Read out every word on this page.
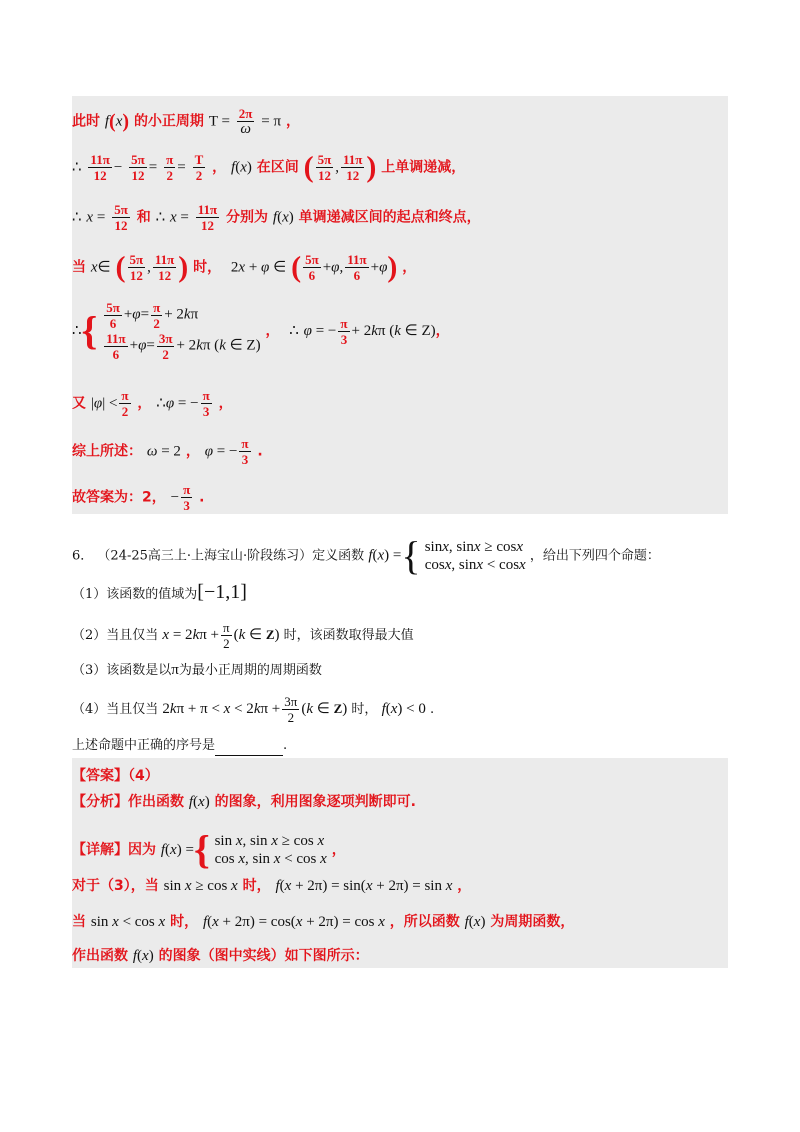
此时 f(x) 的小正周期 $T = \frac{2\pi}{\omega} = \pi$ ，
∴ $\frac{11\pi}{12} - \frac{5\pi}{12} = \frac{\pi}{2} = \frac{T}{2}$ ， f(x) 在区间 ( $\frac{5\pi}{12}$ , $\frac{11\pi}{12}$ ) 上单调递减，
∴ $x = \frac{5\pi}{12}$ 和 ∴ $x = \frac{11\pi}{12}$ 分别为 f(x) 单调递减区间的起点和终点，
当 x∈ ( $\frac{5\pi}{12}$ , $\frac{11\pi}{12}$ ) 时， 2x + φ ∈ ( $\frac{5\pi}{6} +\varphi$, $\frac{11\pi}{6} +\varphi$) ，
∴{ $\frac{5\pi}{6} +\varphi= \frac{\pi}{2} + 2k\pi$
$\frac{11\pi}{6} +\varphi= \frac{3\pi}{2} + 2k\pi$ (k ∈ Z)
， ∴ φ = − $\frac{\pi}{3} + 2k\pi$ (k ∈ Z)，
又 $|\varphi| < \frac{\pi}{2}$ ， ∴φ = − $\frac{\pi}{3}$ ，
综上所述： ω = 2 ， φ = − $\frac{\pi}{3}$ .
故答案为：2， − $\frac{\pi}{3}$ .
6． （24-25高三上·上海宝山·阶段练习）定义函数 f(x) ={ sinx, sinx ≥ cosx
cosx, sinx < cosx
，给出下列四个命题：
（1）该函数的值域为[−1,1]
（2）当且仅当 $x = 2k\pi + \frac{\pi}{2} (k$ ∈ Z) 时，该函数取得最大值
（3）该函数是以π为最小正周期的周期函数
（4）当且仅当 $2k\pi + \pi < x < 2k\pi + \frac{3\pi}{2} (k$ ∈ Z) 时， f(x) < 0 .
上述命题中正确的序号是	.
【答案】（4）
【分析】作出函数 f(x) 的图象，利用图象逐项判断即可.
【详解】因为 f(x) ={ sin x, sin x ≥ cos x
cos x, sin x < cos x
，
对于（3），当 sin x ≥ cos x 时， f(x + 2π) = sin(x + 2π) = sin x ，
当 sin x < cos x 时， f(x + 2π) = cos(x + 2π) = cos x ，所以函数 f(x) 为周期函数，
作出函数 f(x) 的图象（图中实线）如下图所示：
